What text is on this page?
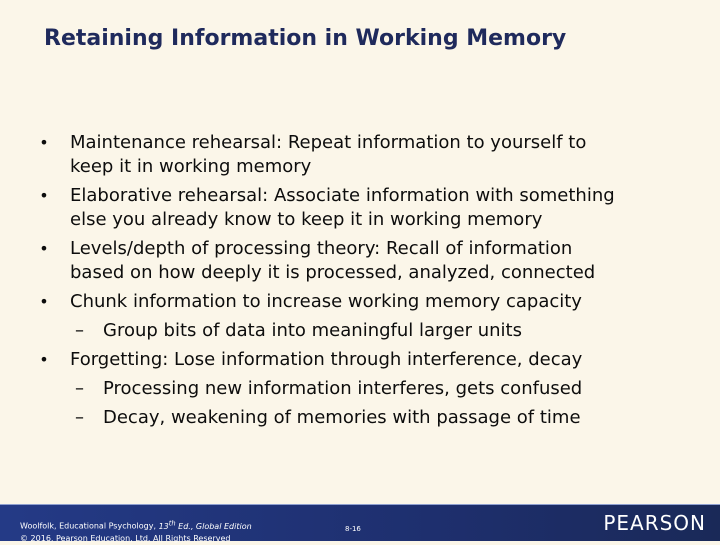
Retaining Information in Working Memory
• Maintenance rehearsal: Repeat information to yourself to
keep it in working memory
• Elaborative rehearsal: Associate information with something
else you already know to keep it in working memory
• Levels/depth of processing theory: Recall of information
based on how deeply it is processed, analyzed, connected
• Chunk information to increase working memory capacity
– Group bits of data into meaningful larger units
• Forgetting: Lose information through interference, decay
– Processing new information interferes, gets confused
– Decay, weakening of memories with passage of time
Woolfolk, Educational Psychology, 13th Ed., Global Edition
© 2016, Pearson Education, Ltd. All Rights Reserved
8-16	PEARSON
